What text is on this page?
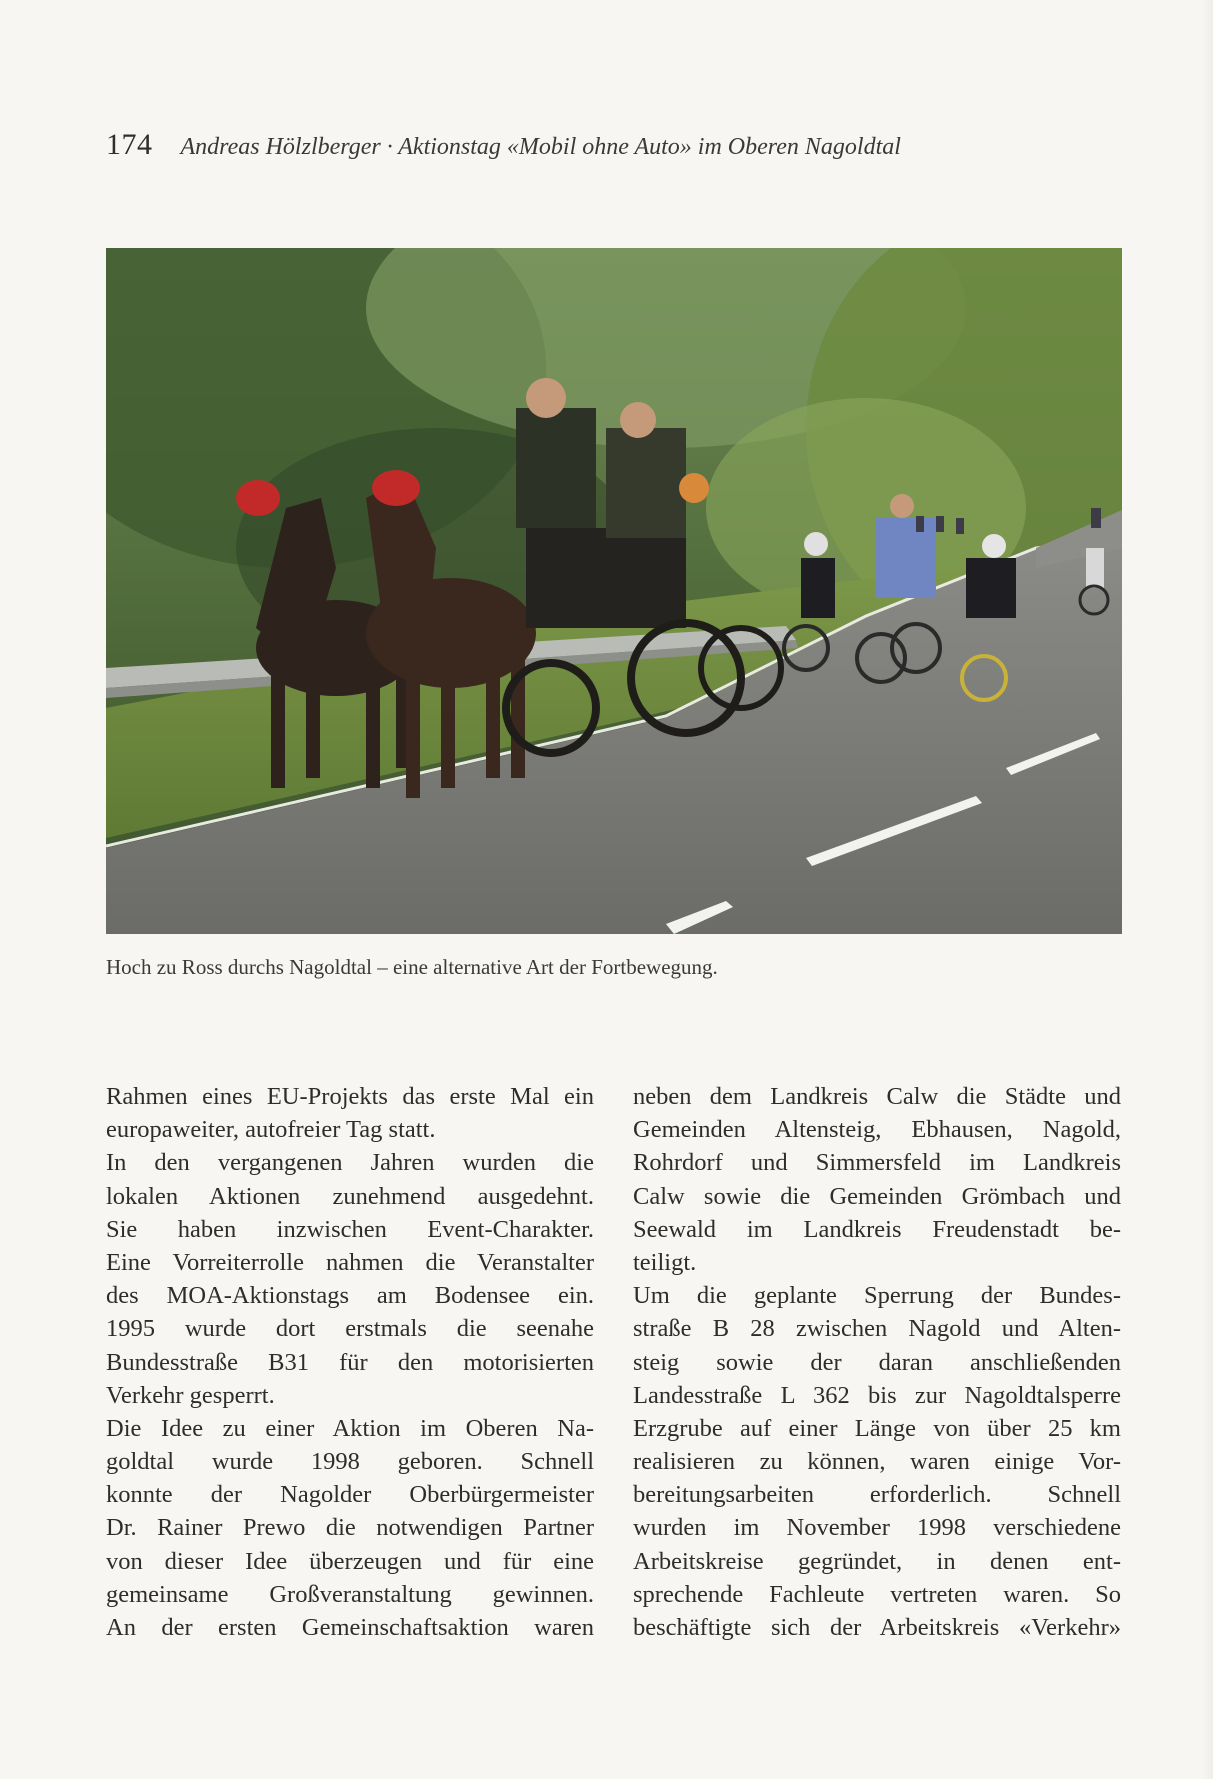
174 Andreas Hölzlberger · Aktionstag «Mobil ohne Auto» im Oberen Nagoldtal
Hoch zu Ross durchs Nagoldtal – eine alternative Art der Fortbewegung.

Rahmen eines EU-Projekts das erste Mal ein
europaweiter, autofreier Tag statt.

In den vergangenen Jahren wurden die
lokalen Aktionen zunehmend ausgedehnt.
Sie haben inzwischen Event-Charakter.
Eine Vorreiterrolle nahmen die Veranstalter
des MOA-Aktionstags am Bodensee ein.
1995 wurde dort erstmals die seenahe
Bundesstraße B31 für den motorisierten
Verkehr gesperrt.

Die Idee zu einer Aktion im Oberen Na-
goldtal wurde 1998 geboren. Schnell
konnte der Nagolder Oberbürgermeister
Dr. Rainer Prewo die notwendigen Partner
von dieser Idee überzeugen und für eine
gemeinsame Großveranstaltung gewinnen.
An der ersten Gemeinschaftsaktion waren

neben dem Landkreis Calw die Städte und
Gemeinden Altensteig, Ebhausen, Nagold,
Rohrdorf und Simmersfeld im Landkreis
Calw sowie die Gemeinden Grömbach und
Seewald im Landkreis Freudenstadt be-
teiligt.

Um die geplante Sperrung der Bundes-
straße B 28 zwischen Nagold und Alten-
steig sowie der daran anschließenden
Landesstraße L 362 bis zur Nagoldtalsperre
Erzgrube auf einer Länge von über 25 km
realisieren zu können, waren einige Vor-
bereitungsarbeiten erforderlich. Schnell
wurden im November 1998 verschiedene
Arbeitskreise gegründet, in denen ent-
sprechende Fachleute vertreten waren. So
beschäftigte sich der Arbeitskreis «Verkehr»
